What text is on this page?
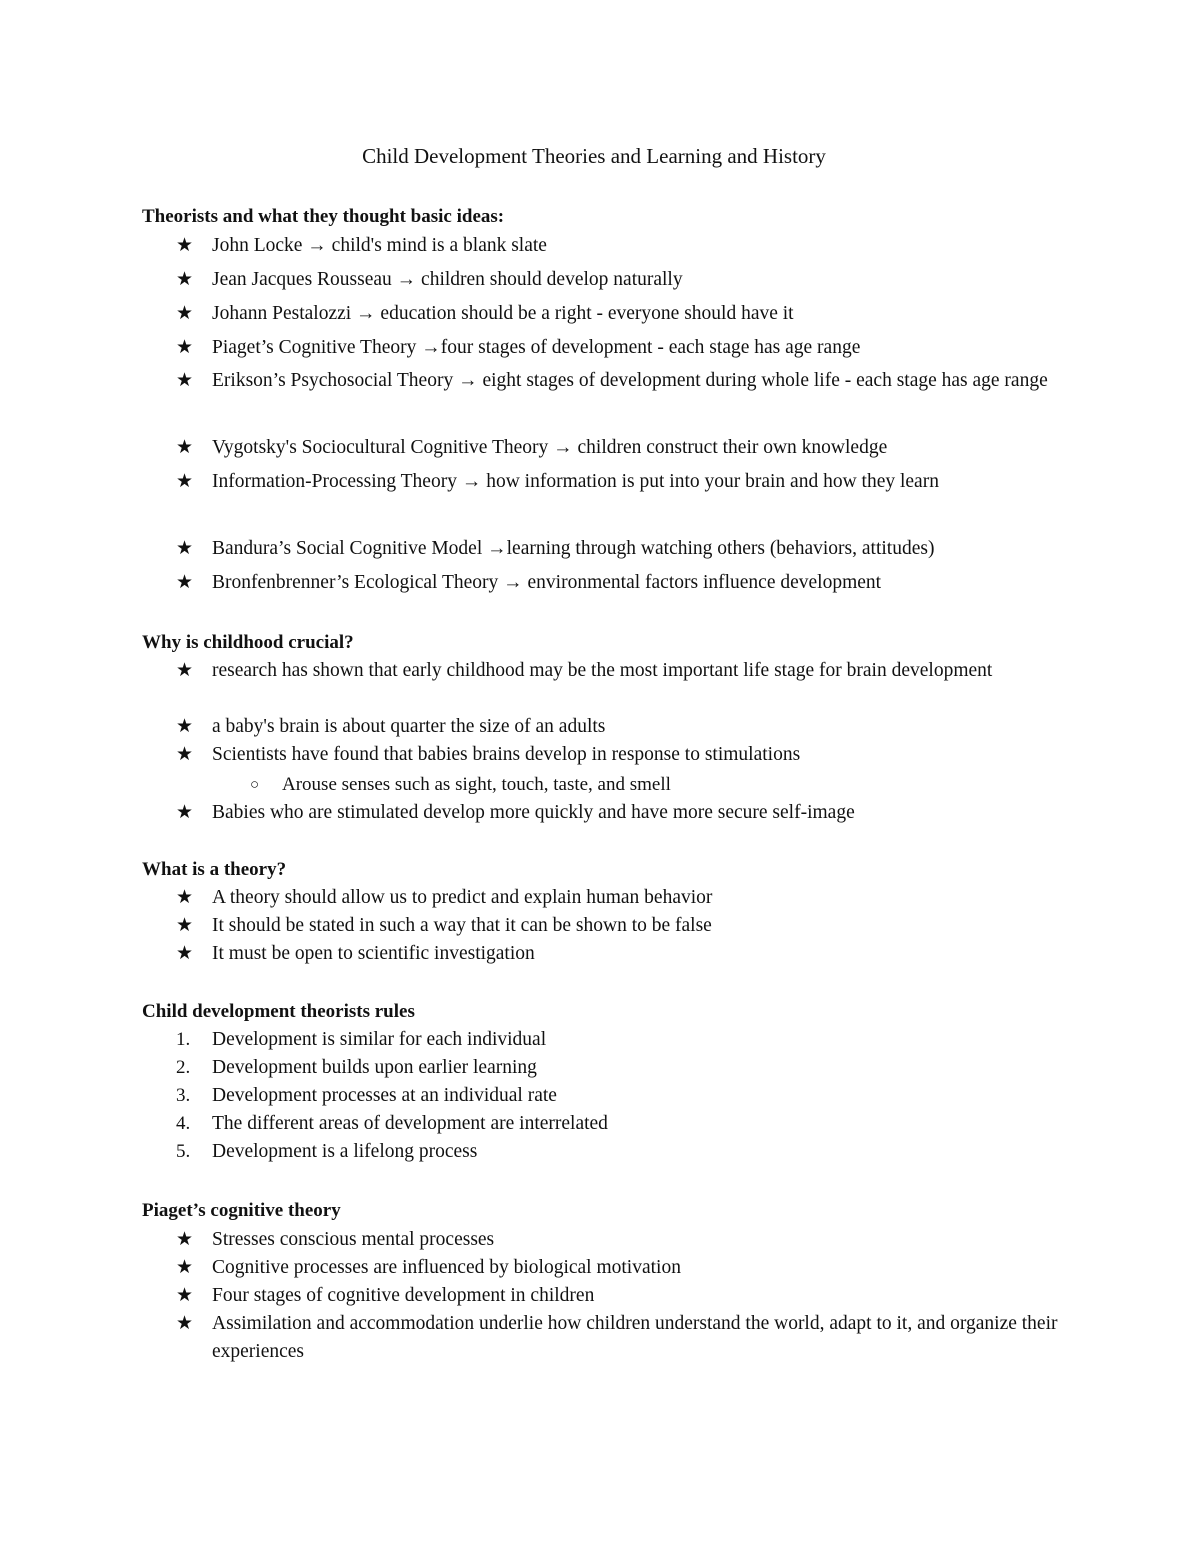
Child Development Theories and Learning and History
Theorists and what they thought basic ideas:
★ John Locke → child's mind is a blank slate
★ Jean Jacques Rousseau → children should develop naturally
★ Johann Pestalozzi → education should be a right - everyone should have it
★ Piaget’s Cognitive Theory →four stages of development - each stage has age range
★ Erikson’s Psychosocial Theory → eight stages of development during whole life - each stage has age range
★ Vygotsky's Sociocultural Cognitive Theory → children construct their own knowledge
★ Information-Processing Theory → how information is put into your brain and how they learn
★ Bandura’s Social Cognitive Model →learning through watching others (behaviors, attitudes)
★ Bronfenbrenner’s Ecological Theory → environmental factors influence development
Why is childhood crucial?
★ research has shown that early childhood may be the most important life stage for brain development
★ a baby's brain is about quarter the size of an adults
★ Scientists have found that babies brains develop in response to stimulations
○	Arouse senses such as sight, touch, taste, and smell
★ Babies who are stimulated develop more quickly and have more secure self-image
What is a theory?
★ A theory should allow us to predict and explain human behavior
★ It should be stated in such a way that it can be shown to be false
★ It must be open to scientific investigation
Child development theorists rules
1.	Development is similar for each individual
2.	Development builds upon earlier learning
3.	Development processes at an individual rate
4.	The different areas of development are interrelated
5.	Development is a lifelong process
Piaget’s cognitive theory
★ Stresses conscious mental processes
★ Cognitive processes are influenced by biological motivation
★ Four stages of cognitive development in children
★ Assimilation and accommodation underlie how children understand the world, adapt to it, and organize their experiences
